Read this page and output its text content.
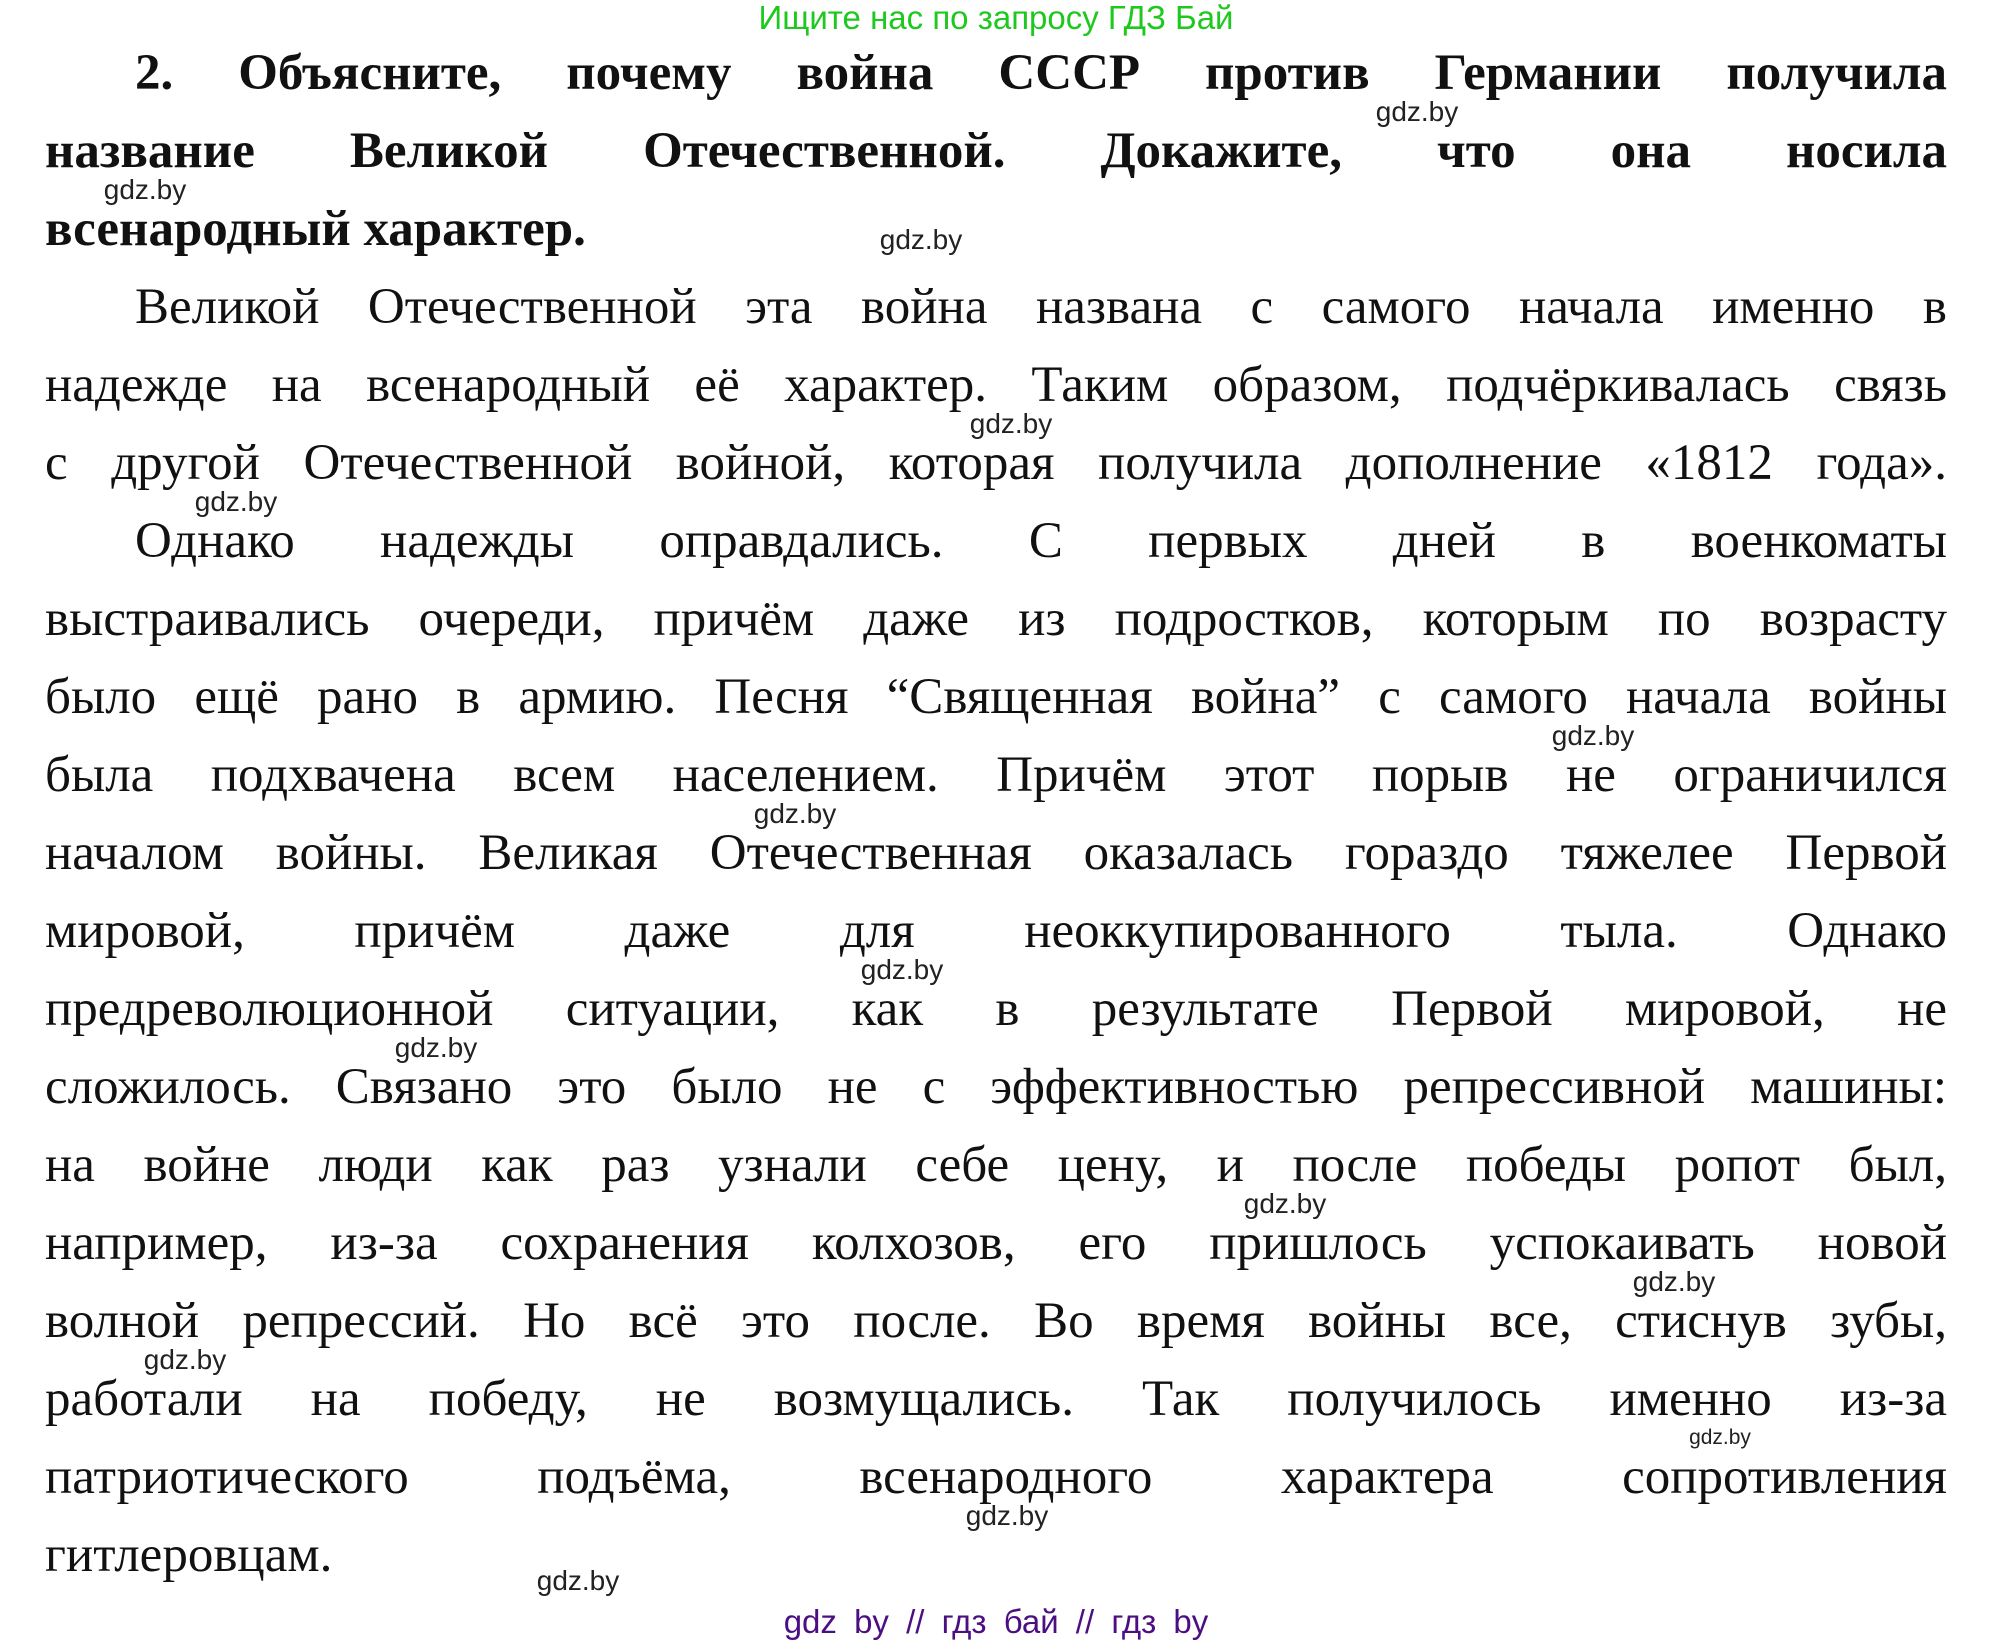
Ищите нас по запросу ГДЗ Бай
2. Объясните, почему война СССР против Германии получила
название Великой Отечественной. Докажите, что она носила
всенародный характер.
Великой Отечественной эта война названа с самого начала именно в
надежде на всенародный её характер. Таким образом, подчёркивалась связь
с другой Отечественной войной, которая получила дополнение «1812 года».
Однако надежды оправдались. С первых дней в военкоматы
выстраивались очереди, причём даже из подростков, которым по возрасту
было ещё рано в армию. Песня “Священная война” с самого начала войны
была подхвачена всем населением. Причём этот порыв не ограничился
началом войны. Великая Отечественная оказалась гораздо тяжелее Первой
мировой, причём даже для неоккупированного тыла. Однако
предреволюционной ситуации, как в результате Первой мировой, не
сложилось. Связано это было не с эффективностью репрессивной машины:
на войне люди как раз узнали себе цену, и после победы ропот был,
например, из-за сохранения колхозов, его пришлось успокаивать новой
волной репрессий. Но всё это после. Во время войны все, стиснув зубы,
работали на победу, не возмущались. Так получилось именно из-за
патриотического подъёма, всенародного характера сопротивления
гитлеровцам.
gdz.by
gdz.by
gdz.by
gdz.by
gdz.by
gdz.by
gdz.by
gdz.by
gdz.by
gdz.by
gdz.by
gdz.by
gdz.by
gdz.by
gdz.by
gdz by // гдз бай // гдз by
